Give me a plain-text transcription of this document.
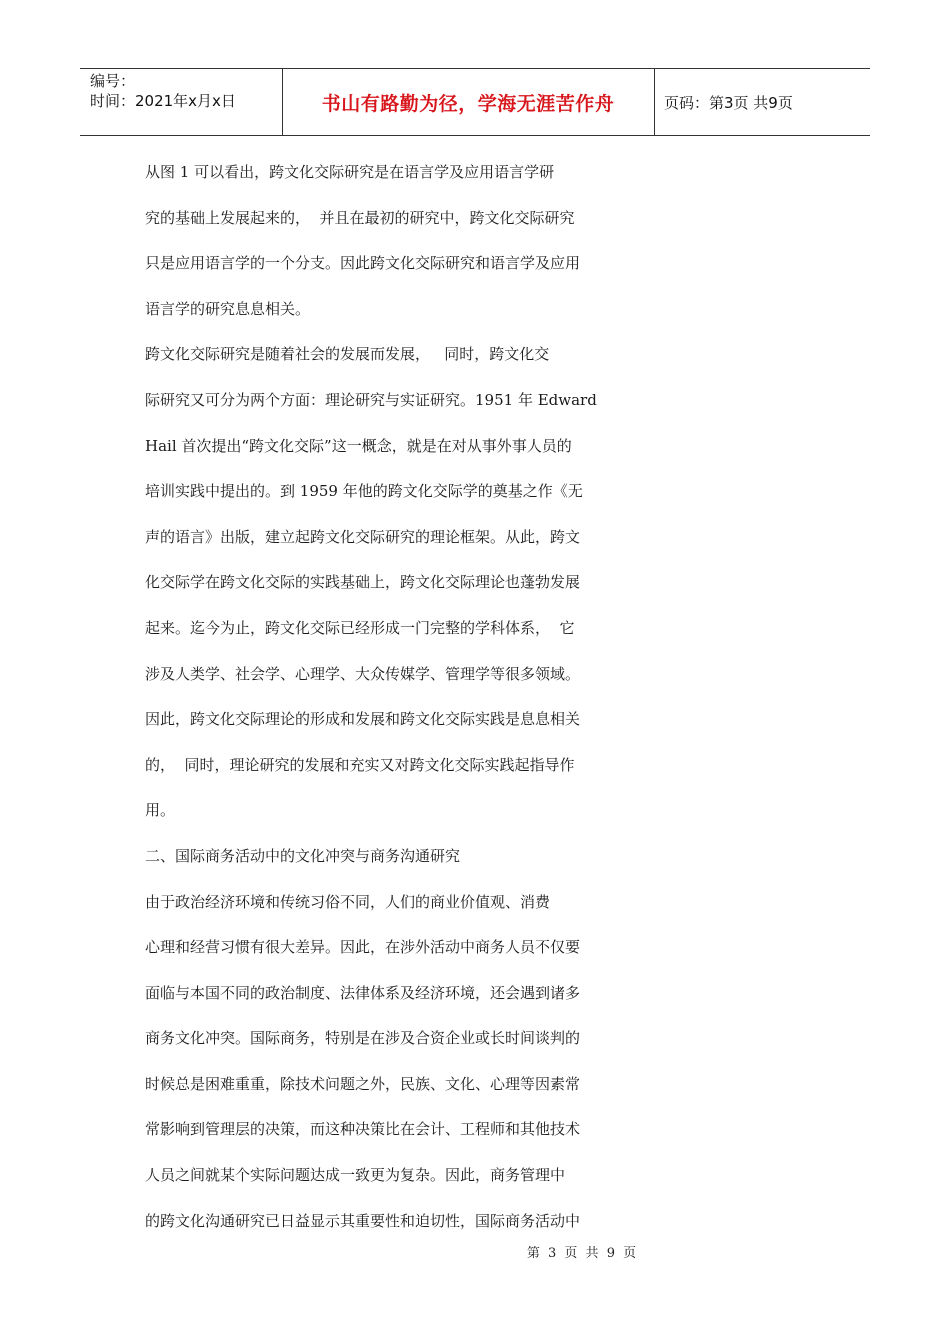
编号：
时间：2021年x月x日	书山有路勤为径，学海无涯苦作舟	页码：第3页 共9页
从图 1 可以看出，跨文化交际研究是在语言学及应用语言学研
究的基础上发展起来的，  并且在最初的研究中，跨文化交际研究
只是应用语言学的一个分支。因此跨文化交际研究和语言学及应用
语言学的研究息息相关。
跨文化交际研究是随着社会的发展而发展，   同时，跨文化交
际研究又可分为两个方面：理论研究与实证研究。1951 年 Edward
Hail 首次提出“跨文化交际”这一概念，就是在对从事外事人员的
培训实践中提出的。到 1959 年他的跨文化交际学的奠基之作《无
声的语言》出版，建立起跨文化交际研究的理论框架。从此，跨文
化交际学在跨文化交际的实践基础上，跨文化交际理论也蓬勃发展
起来。迄今为止，跨文化交际已经形成一门完整的学科体系，  它
涉及人类学、社会学、心理学、大众传媒学、管理学等很多领域。
因此，跨文化交际理论的形成和发展和跨文化交际实践是息息相关
的，  同时，理论研究的发展和充实又对跨文化交际实践起指导作
用。
二、国际商务活动中的文化冲突与商务沟通研究
由于政治经济环境和传统习俗不同，人们的商业价值观、消费
心理和经营习惯有很大差异。因此，在涉外活动中商务人员不仅要
面临与本国不同的政治制度、法律体系及经济环境，还会遇到诸多
商务文化冲突。国际商务，特别是在涉及合资企业或长时间谈判的
时候总是困难重重，除技术问题之外，民族、文化、心理等因素常
常影响到管理层的决策，而这种决策比在会计、工程师和其他技术
人员之间就某个实际问题达成一致更为复杂。因此，商务管理中
的跨文化沟通研究已日益显示其重要性和迫切性，国际商务活动中
第 3 页 共 9 页
